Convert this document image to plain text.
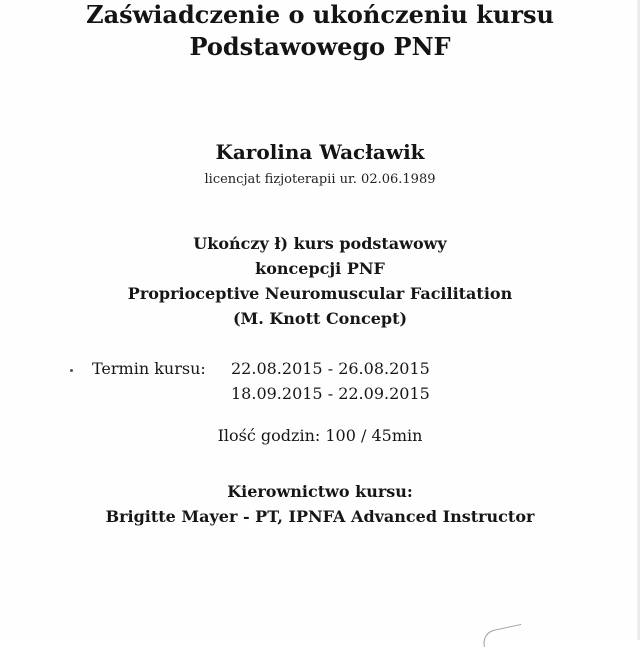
Zaświadczenie o ukończeniu kursu
Podstawowego PNF
Karolina Wacławik
licencjat fizjoterapii ur. 02.06.1989
Ukończy ł) kurs podstawowy
koncepcji PNF
Proprioceptive Neuromuscular Facilitation
(M. Knott Concept)
Termin kursu: 22.08.2015 - 26.08.2015
18.09.2015 - 22.09.2015
Ilość godzin: 100 / 45min
Kierownictwo kursu:
Brigitte Mayer - PT, IPNFA Advanced Instructor
